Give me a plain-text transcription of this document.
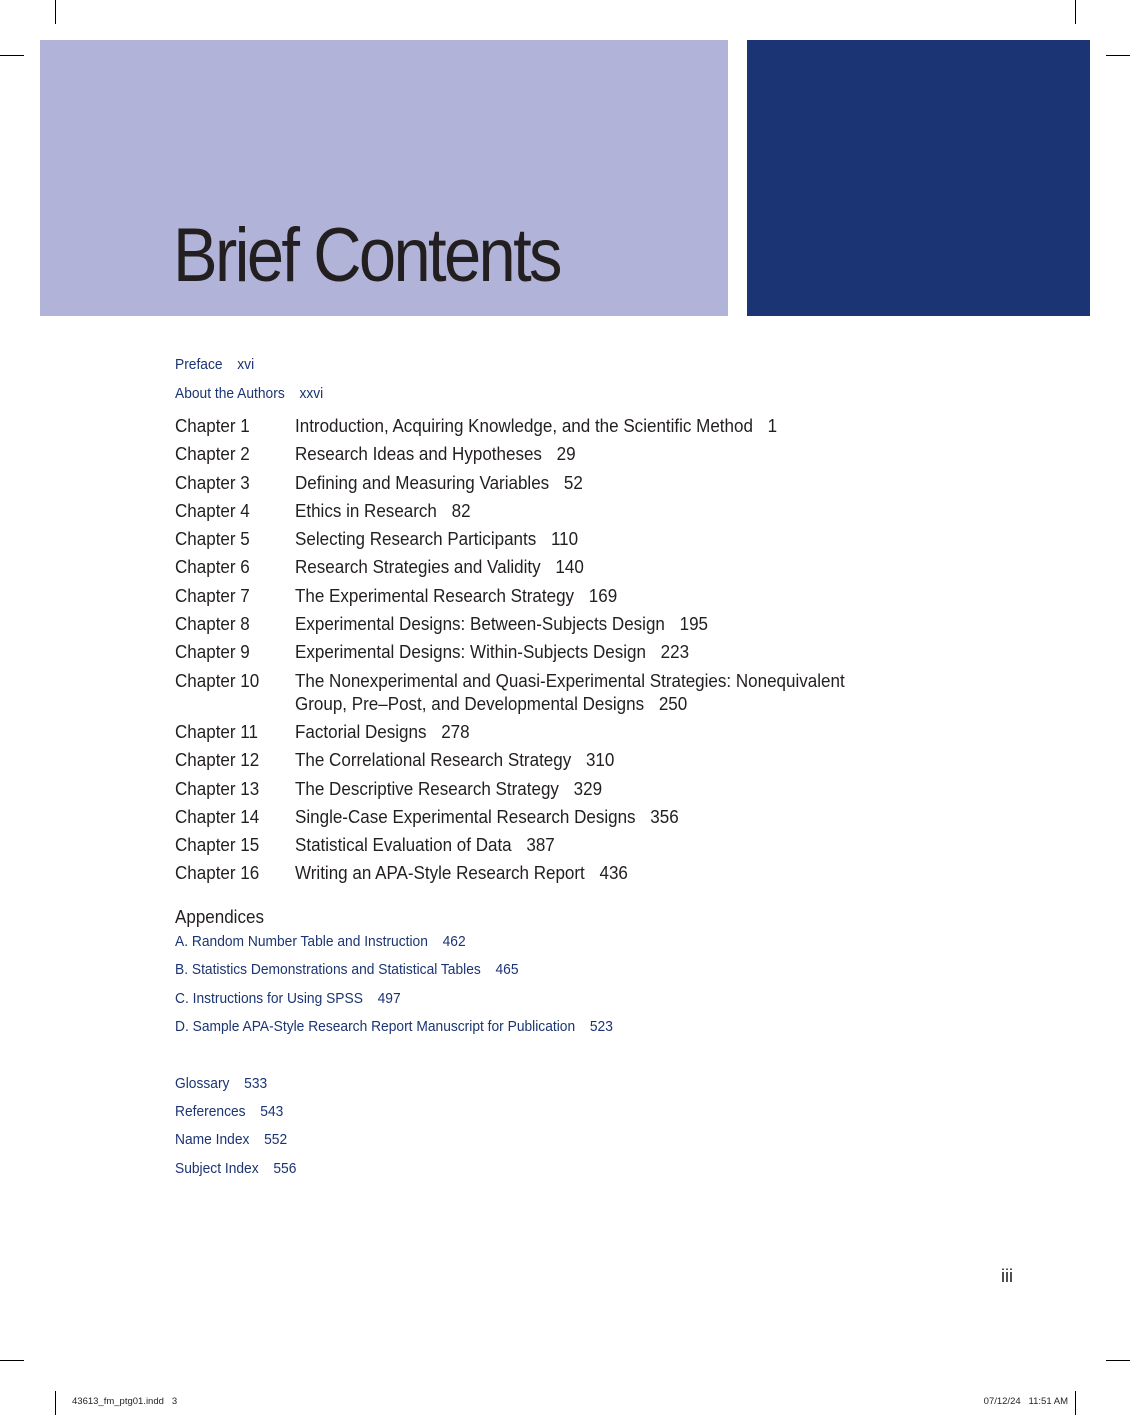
Brief Contents
Preface xvi
About the Authors xxvi
Chapter 1	Introduction, Acquiring Knowledge, and the Scientific Method 1
Chapter 2	Research Ideas and Hypotheses 29
Chapter 3	Defining and Measuring Variables 52
Chapter 4	Ethics in Research 82
Chapter 5	Selecting Research Participants 110
Chapter 6	Research Strategies and Validity 140
Chapter 7	The Experimental Research Strategy 169
Chapter 8	Experimental Designs: Between-Subjects Design 195
Chapter 9	Experimental Designs: Within-Subjects Design 223
Chapter 10	The Nonexperimental and Quasi-Experimental Strategies: Nonequivalent Group, Pre–Post, and Developmental Designs 250
Chapter 11	Factorial Designs 278
Chapter 12	The Correlational Research Strategy 310
Chapter 13	The Descriptive Research Strategy 329
Chapter 14	Single-Case Experimental Research Designs 356
Chapter 15	Statistical Evaluation of Data 387
Chapter 16	Writing an APA-Style Research Report 436
Appendices
A. Random Number Table and Instruction 462
B. Statistics Demonstrations and Statistical Tables 465
C. Instructions for Using SPSS 497
D. Sample APA-Style Research Report Manuscript for Publication 523
Glossary 533
References 543
Name Index 552
Subject Index 556
iii
43613_fm_ptg01.indd   3	07/12/24   11:51 AM
